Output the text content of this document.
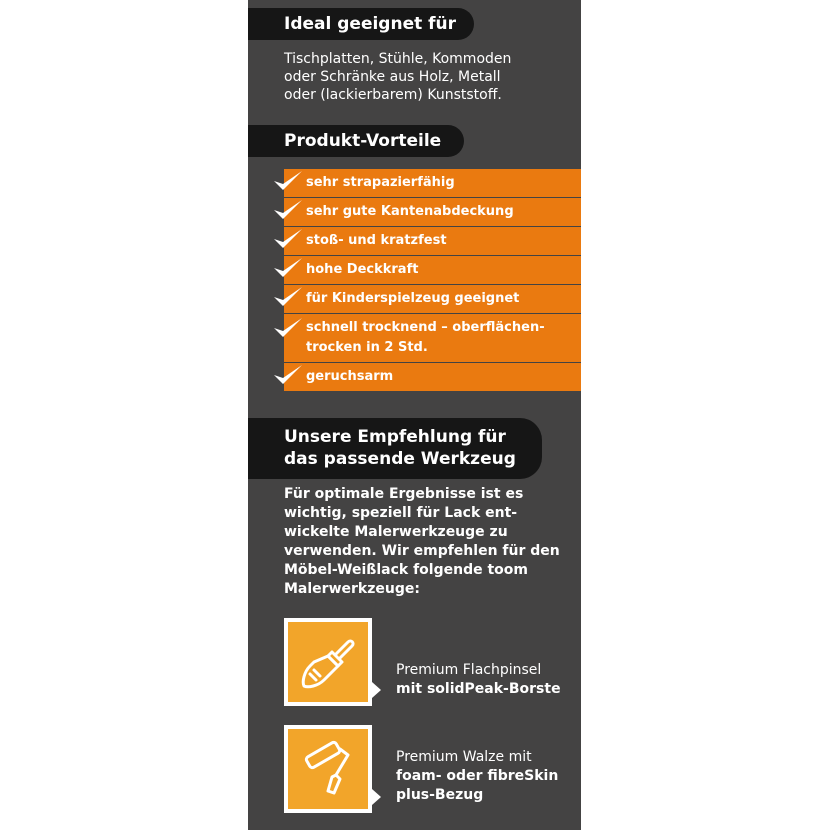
Ideal geeignet für
Tischplatten, Stühle, Kommoden
oder Schränke aus Holz, Metall
oder (lackierbarem) Kunststoff.
Produkt-Vorteile
sehr strapazierfähig
sehr gute Kantenabdeckung
stoß- und kratzfest
hohe Deckkraft
für Kinderspielzeug geeignet
schnell trocknend – oberflächen-
trocken in 2 Std.
geruchsarm
Unsere Empfehlung für
das passende Werkzeug
Für optimale Ergebnisse ist es
wichtig, speziell für Lack ent-
wickelte Malerwerkzeuge zu
verwenden. Wir empfehlen für den
Möbel-Weißlack folgende toom
Malerwerkzeuge:
Premium Flachpinsel
mit solidPeak-Borste
Premium Walze mit
foam- oder fibreSkin
plus-Bezug
